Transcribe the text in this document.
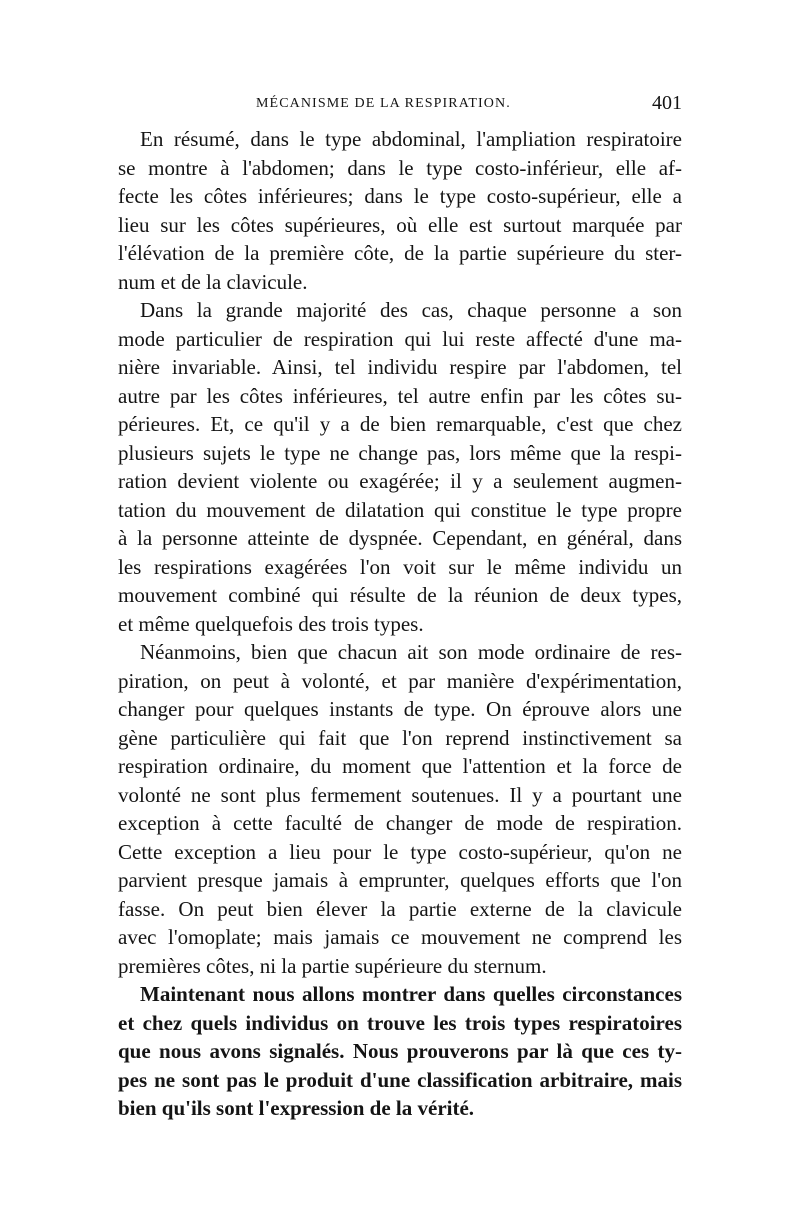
MÉCANISME DE LA RESPIRATION.	401

En résumé, dans le type abdominal, l'ampliation respiratoire
se montre à l'abdomen; dans le type costo-inférieur, elle af-
fecte les côtes inférieures; dans le type costo-supérieur, elle a
lieu sur les côtes supérieures, où elle est surtout marquée par
l'élévation de la première côte, de la partie supérieure du ster-
num et de la clavicule.

Dans la grande majorité des cas, chaque personne a son
mode particulier de respiration qui lui reste affecté d'une ma-
nière invariable. Ainsi, tel individu respire par l'abdomen, tel
autre par les côtes inférieures, tel autre enfin par les côtes su-
périeures. Et, ce qu'il y a de bien remarquable, c'est que chez
plusieurs sujets le type ne change pas, lors même que la respi-
ration devient violente ou exagérée; il y a seulement augmen-
tation du mouvement de dilatation qui constitue le type propre
à la personne atteinte de dyspnée. Cependant, en général, dans
les respirations exagérées l'on voit sur le même individu un
mouvement combiné qui résulte de la réunion de deux types,
et même quelquefois des trois types.

Néanmoins, bien que chacun ait son mode ordinaire de res-
piration, on peut à volonté, et par manière d'expérimentation,
changer pour quelques instants de type. On éprouve alors une
gène particulière qui fait que l'on reprend instinctivement sa
respiration ordinaire, du moment que l'attention et la force de
volonté ne sont plus fermement soutenues. Il y a pourtant une
exception à cette faculté de changer de mode de respiration.
Cette exception a lieu pour le type costo-supérieur, qu'on ne
parvient presque jamais à emprunter, quelques efforts que l'on
fasse. On peut bien élever la partie externe de la clavicule
avec l'omoplate; mais jamais ce mouvement ne comprend les
premières côtes, ni la partie supérieure du sternum.

Maintenant nous allons montrer dans quelles circonstances
et chez quels individus on trouve les trois types respiratoires
que nous avons signalés. Nous prouverons par là que ces ty-
pes ne sont pas le produit d'une classification arbitraire, mais
bien qu'ils sont l'expression de la vérité.
